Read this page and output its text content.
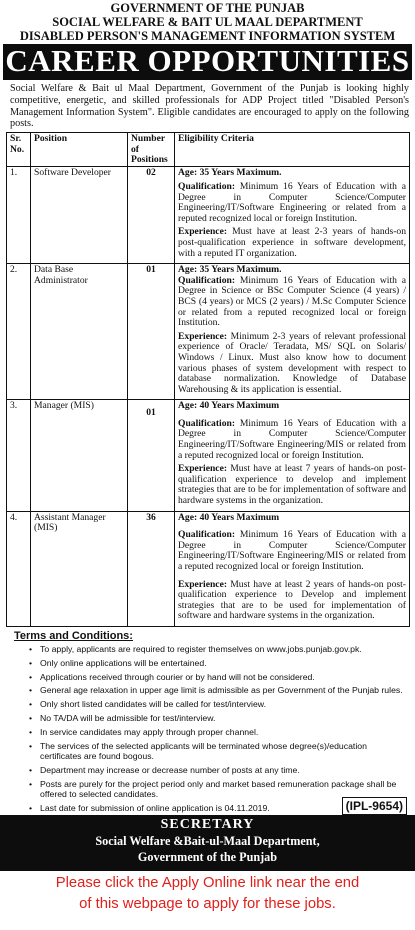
GOVERNMENT OF THE PUNJAB
SOCIAL WELFARE & BAIT UL MAAL DEPARTMENT
DISABLED PERSON'S MANAGEMENT INFORMATION SYSTEM
CAREER OPPORTUNITIES
Social Welfare & Bait ul Maal Department, Government of the Punjab is looking highly competitive, energetic, and skilled professionals for ADP Project titled "Disabled Person's Management Information System". Eligible candidates are encouraged to apply on the following posts.
Sr. No.	Position	Number of Positions	Eligibility Criteria
1.	Software Developer	02	Age: 35 Years Maximum.
Qualification: Minimum 16 Years of Education with a Degree in Computer Science/Computer Engineering/IT/Software Engineering or related from a reputed recognized local or foreign Institution.
Experience: Must have at least 2-3 years of hands-on post-qualification experience in software development, with a reputed IT organization.

2.	Data Base Administrator	01	Age: 35 Years Maximum.
Qualification: Minimum 16 Years of Education with a Degree in Science or BSc Computer Science (4 years) / BCS (4 years) or MCS (2 years) / M.Sc Computer Science or related from a reputed recognized local or foreign Institution.
Experience: Minimum 2-3 years of relevant professional experience of Oracle/ Teradata, MS/ SQL on Solaris/ Windows / Linux. Must also know how to document various phases of system development with respect to database normalization. Knowledge of Database Warehousing & its application is essential.

3.	Manager (MIS)	01	Age: 40 Years Maximum
Qualification: Minimum 16 Years of Education with a Degree in Computer Science/Computer Engineering/IT/Software Engineering/MIS or related from a reputed recognized local or foreign Institution.
Experience: Must have at least 7 years of hands-on post-qualification experience to develop and implement strategies that are to be for implementation of software and hardware systems in the organization.

4.	Assistant Manager (MIS)	36	Age: 40 Years Maximum
Qualification: Minimum 16 Years of Education with a Degree in Computer Science/Computer Engineering/IT/Software Engineering/MIS or related from a reputed recognized local or foreign Institution.
Experience: Must have at least 2 years of hands-on post-qualification experience to Develop and implement strategies that are to be used for implementation of software and hardware systems in the organization.
Terms and Conditions:
• To apply, applicants are required to register themselves on www.jobs.punjab.gov.pk.
• Only online applications will be entertained.
• Applications received through courier or by hand will not be considered.
• General age relaxation in upper age limit is admissible as per Government of the Punjab rules.
• Only short listed candidates will be called for test/interview.
• No TA/DA will be admissible for test/interview.
• In service candidates may apply through proper channel.
• The services of the selected applicants will be terminated whose degree(s)/education certificates are found bogous.
• Department may increase or decrease number of posts at any time.
• Posts are purely for the project period only and market based remuneration package shall be offered to selected candidates.
• Last date for submission of online application is 04.11.2019.	(IPL-9654)
SECRETARY
Social Welfare &Bait-ul-Maal Department,
Government of the Punjab
Please click the Apply Online link near the end
of this webpage to apply for these jobs.
